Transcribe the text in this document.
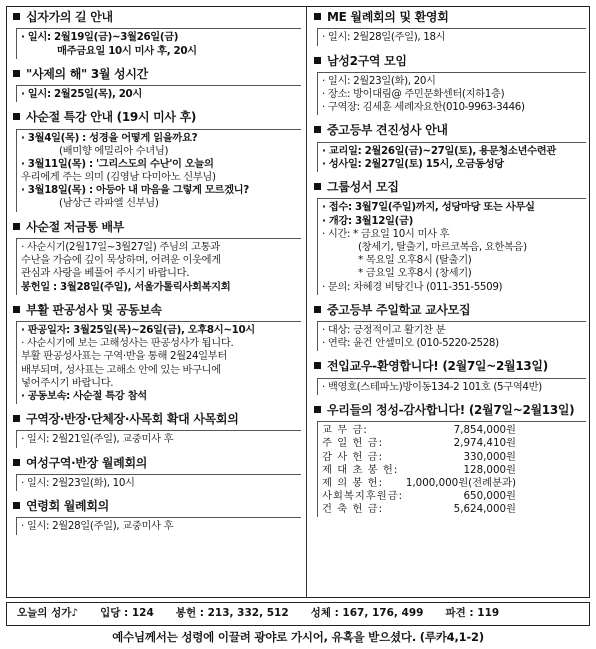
십자가의 길 안내
· 일시: 2월19일(금)~3월26일(금)
매주금요일 10시 미사 후, 20시
"사제의 해" 3월 성시간
· 일시: 2월25일(목), 20시
사순절 특강 안내 (19시 미사 후)
· 3월4일(목) : 성경을 어떻게 읽을까요?
(배미향 에밀리아 수녀님)
· 3월11일(목) : '그리스도의 수난'이 오늘의
우리에게 주는 의미 (김영남 다미아노 신부님)
· 3월18일(목) : 아등아 내 마음을 그렇게 모르겠니?
(남상근 라파엘 신부님)
사순절 저금통 배부
· 사순시기(2월17일~3월27일) 주님의 고통과
수난을 가슴에 깊이 묵상하며, 어려운 이웃에게
관심과 사랑을 베풀어 주시기 바랍니다.
봉헌일 : 3월28일(주일), 서울가톨릭사회복지회
부활 판공성사 및 공동보속
· 판공일자: 3월25일(목)~26일(금), 오후8시~10시
· 사순시기에 보는 고해성사는 판공성사가 됩니다.
부활 판공성사표는 구역·반을 통해 2월24일부터
배부되며, 성사표는 고해소 안에 있는 바구니에
넣어주시기 바랍니다.
· 공동보속: 사순절 특강 참석
구역장·반장·단체장·사목회 확대 사목회의
· 일시: 2월21일(주일), 교중미사 후
여성구역·반장 월례회의
· 일시: 2월23일(화), 10시
연령회 월례회의
· 일시: 2월28일(주일), 교중미사 후
ME 월례회의 및 환영회
· 일시: 2월28일(주일), 18시
남성2구역 모임
· 일시: 2월23일(화), 20시
· 장소: 방이대림@ 주민문화센터(지하1층)
· 구역장: 김세훈 세례자요한(010-9963-3446)
중고등부 견진성사 안내
· 교리일: 2월26일(금)~27일(토), 용문청소년수련관
· 성사일: 2월27일(토) 15시, 오금동성당
그룹성서 모집
· 접수: 3월7일(주일)까지, 성당마당 또는 사무실
· 개강: 3월12일(금)
· 시간: * 금요일 10시 미사 후
(창세기, 탈출기, 마르코복음, 요한복음)
* 목요일 오후8시 (탈출기)
* 금요일 오후8시 (창세기)
· 문의: 차혜경 비탕긴나 (011-351-5509)
중고등부 주일학교 교사모집
· 대상: 긍정적이고 활기찬 분
· 연락: 윤건 안셀미오 (010-5220-2528)
전입교우-환영합니다! (2월7일~2월13일)
· 백영호(스테파노)방이동134-2 101호 (5구역4반)
우리들의 정성-감사합니다! (2월7일~2월13일)
교 무 금:	7,854,000원
주 일 헌 금:	2,974,410원
감 사 헌 금:	330,000원
제 대 초 봉 헌:	128,000원
제 의 봉 헌:	1,000,000원(전례분과)
사회복지후원금:	650,000원
건 축 헌 금:	5,624,000원
오늘의 성가♪ 입당 : 124 봉헌 : 213, 332, 512 성체 : 167, 176, 499 파견 : 119
예수님께서는 성령에 이끌려 광야로 가시어, 유혹을 받으셨다. (루카4,1-2)
